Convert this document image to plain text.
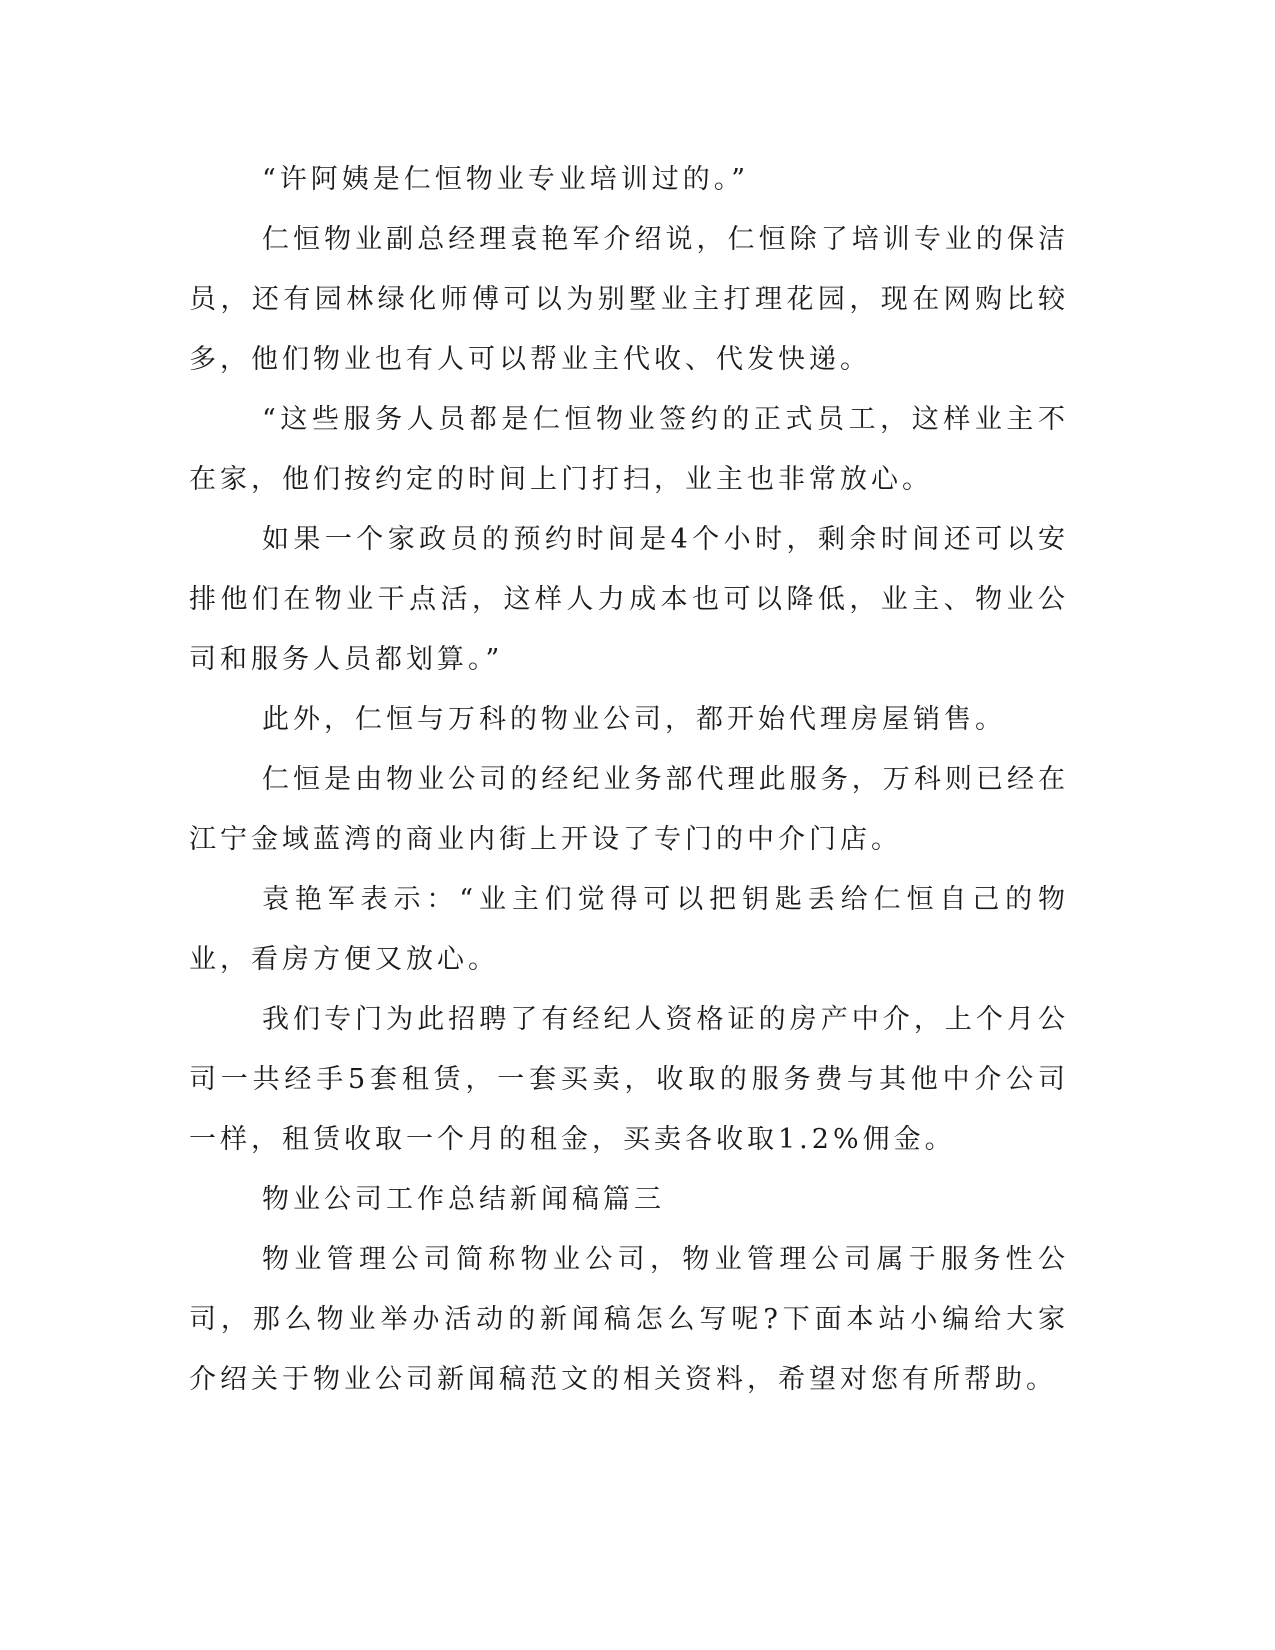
“许阿姨是仁恒物业专业培训过的。”

仁恒物业副总经理袁艳军介绍说，仁恒除了培训专业的保洁员，还有园林绿化师傅可以为别墅业主打理花园，现在网购比较多，他们物业也有人可以帮业主代收、代发快递。

“这些服务人员都是仁恒物业签约的正式员工，这样业主不在家，他们按约定的时间上门打扫，业主也非常放心。

如果一个家政员的预约时间是4个小时，剩余时间还可以安排他们在物业干点活，这样人力成本也可以降低，业主、物业公司和服务人员都划算。”

此外，仁恒与万科的物业公司，都开始代理房屋销售。

仁恒是由物业公司的经纪业务部代理此服务，万科则已经在江宁金域蓝湾的商业内街上开设了专门的中介门店。

袁艳军表示：“业主们觉得可以把钥匙丢给仁恒自己的物业，看房方便又放心。

我们专门为此招聘了有经纪人资格证的房产中介，上个月公司一共经手5套租赁，一套买卖，收取的服务费与其他中介公司一样，租赁收取一个月的租金，买卖各收取1.2%佣金。

物业公司工作总结新闻稿篇三

物业管理公司简称物业公司，物业管理公司属于服务性公司，那么物业举办活动的新闻稿怎么写呢?下面本站小编给大家介绍关于物业公司新闻稿范文的相关资料，希望对您有所帮助。
